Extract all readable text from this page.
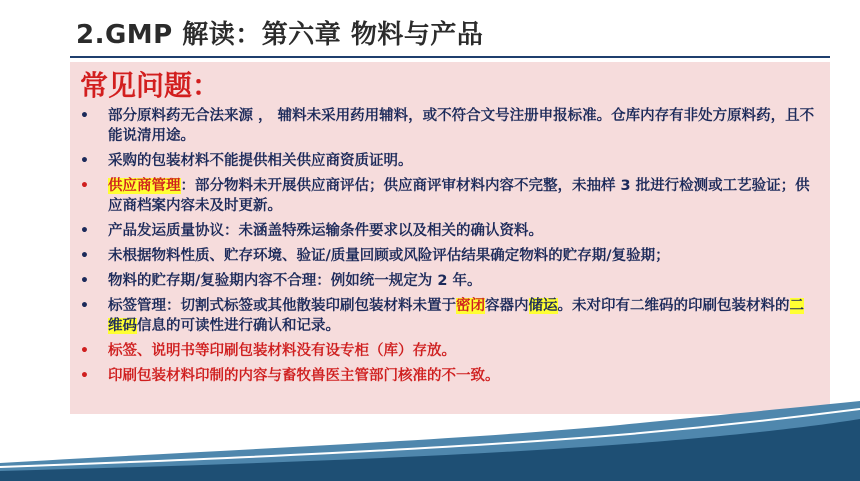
2.GMP 解读：第六章 物料与产品
常见问题：
• 部分原料药无合法来源 ， 辅料未采用药用辅料，或不符合文号注册申报标准。仓库内存有非处方原料药，且不能说清用途。
• 采购的包装材料不能提供相关供应商资质证明。
• 供应商管理：部分物料未开展供应商评估；供应商评审材料内容不完整，未抽样 3 批进行检测或工艺验证；供应商档案内容未及时更新。
• 产品发运质量协议：未涵盖特殊运输条件要求以及相关的确认资料。
• 未根据物料性质、贮存环境、验证/质量回顾或风险评估结果确定物料的贮存期/复验期；
• 物料的贮存期/复验期内容不合理：例如统一规定为 2 年。
• 标签管理：切割式标签或其他散装印刷包装材料未置于密闭容器内储运。未对印有二维码的印刷包装材料的二维码信息的可读性进行确认和记录。
• 标签、说明书等印刷包装材料没有设专柜（库）存放。
• 印刷包装材料印制的内容与畜牧兽医主管部门核准的不一致。
